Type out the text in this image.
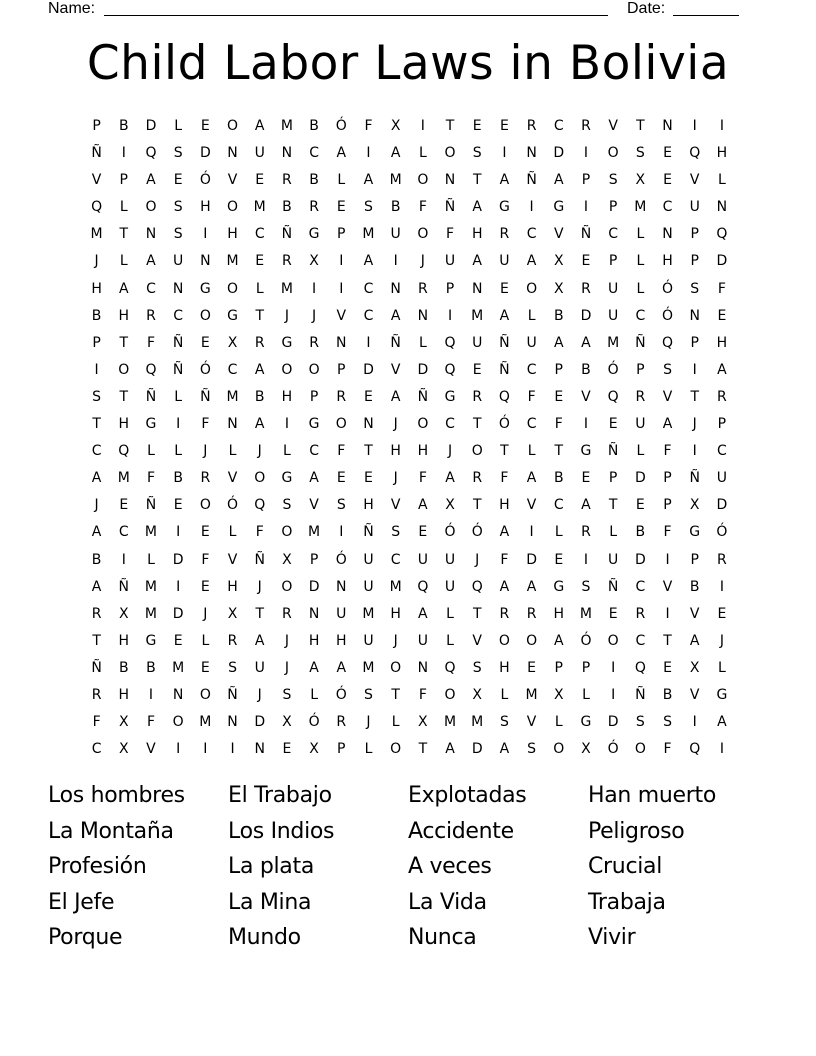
Name:	Date:
Child Labor Laws in Bolivia
P	B	D	L	E	O	A	M	B	Ó	F	X	I	T	E	E	R	C	R	V	T	N	I	I
Ñ	I	Q	S	D	N	U	N	C	A	I	A	L	O	S	I	N	D	I	O	S	E	Q	H
V	P	A	E	Ó	V	E	R	B	L	A	M	O	N	T	A	Ñ	A	P	S	X	E	V	L
Q	L	O	S	H	O	M	B	R	E	S	B	F	Ñ	A	G	I	G	I	P	M	C	U	N
M	T	N	S	I	H	C	Ñ	G	P	M	U	O	F	H	R	C	V	Ñ	C	L	N	P	Q
J	L	A	U	N	M	E	R	X	I	A	I	J	U	A	U	A	X	E	P	L	H	P	D
H	A	C	N	G	O	L	M	I	I	C	N	R	P	N	E	O	X	R	U	L	Ó	S	F
B	H	R	C	O	G	T	J	J	V	C	A	N	I	M	A	L	B	D	U	C	Ó	N	E
P	T	F	Ñ	E	X	R	G	R	N	I	Ñ	L	Q	U	Ñ	U	A	A	M	Ñ	Q	P	H
I	O	Q	Ñ	Ó	C	A	O	O	P	D	V	D	Q	E	Ñ	C	P	B	Ó	P	S	I	A
S	T	Ñ	L	Ñ	M	B	H	P	R	E	A	Ñ	G	R	Q	F	E	V	Q	R	V	T	R
T	H	G	I	F	N	A	I	G	O	N	J	O	C	T	Ó	C	F	I	E	U	A	J	P
C	Q	L	L	J	L	J	L	C	F	T	H	H	J	O	T	L	T	G	Ñ	L	F	I	C
A	M	F	B	R	V	O	G	A	E	E	J	F	A	R	F	A	B	E	P	D	P	Ñ	U
J	E	Ñ	E	O	Ó	Q	S	V	S	H	V	A	X	T	H	V	C	A	T	E	P	X	D
A	C	M	I	E	L	F	O	M	I	Ñ	S	E	Ó	Ó	A	I	L	R	L	B	F	G	Ó
B	I	L	D	F	V	Ñ	X	P	Ó	U	C	U	U	J	F	D	E	I	U	D	I	P	R
A	Ñ	M	I	E	H	J	O	D	N	U	M	Q	U	Q	A	A	G	S	Ñ	C	V	B	I
R	X	M	D	J	X	T	R	N	U	M	H	A	L	T	R	R	H	M	E	R	I	V	E
T	H	G	E	L	R	A	J	H	H	U	J	U	L	V	O	O	A	Ó	O	C	T	A	J
Ñ	B	B	M	E	S	U	J	A	A	M	O	N	Q	S	H	E	P	P	I	Q	E	X	L
R	H	I	N	O	Ñ	J	S	L	Ó	S	T	F	O	X	L	M	X	L	I	Ñ	B	V	G
F	X	F	O	M	N	D	X	Ó	R	J	L	X	M	M	S	V	L	G	D	S	S	I	A
C	X	V	I	I	I	N	E	X	P	L	O	T	A	D	A	S	O	X	Ó	O	F	Q	I
Los hombres	El Trabajo	Explotadas	Han muerto
La Montaña	Los Indios	Accidente	Peligroso
Profesión	La plata	A veces	Crucial
El Jefe	La Mina	La Vida	Trabaja
Porque	Mundo	Nunca	Vivir
